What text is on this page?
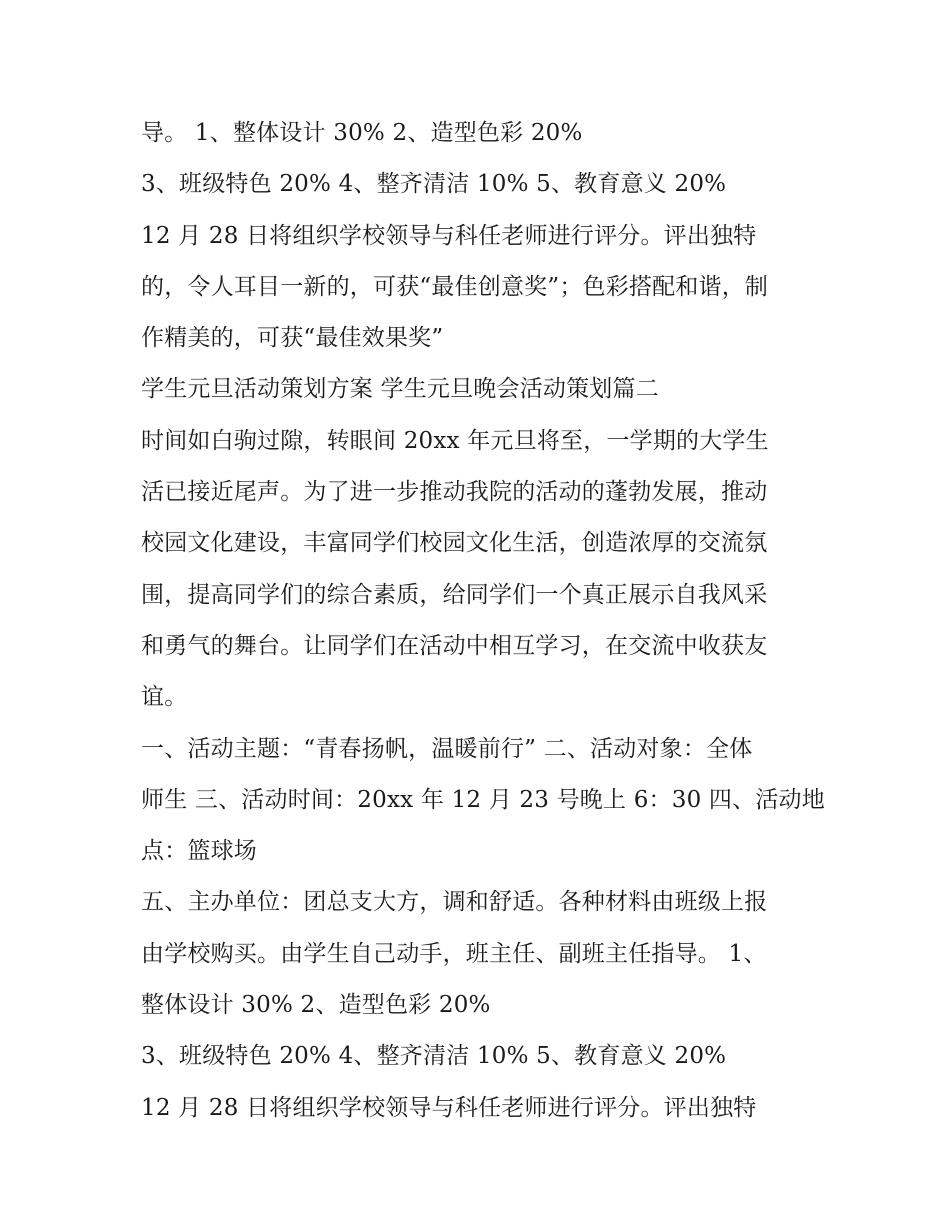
导。 1、整体设计 30% 2、造型色彩 20%
3、班级特色 20% 4、整齐清洁 10% 5、教育意义 20%
12 月 28 日将组织学校领导与科任老师进行评分。评出独特
的，令人耳目一新的，可获“最佳创意奖”；色彩搭配和谐，制
作精美的，可获“最佳效果奖”
学生元旦活动策划方案 学生元旦晚会活动策划篇二
时间如白驹过隙，转眼间 20xx 年元旦将至，一学期的大学生
活已接近尾声。为了进一步推动我院的活动的蓬勃发展，推动
校园文化建设，丰富同学们校园文化生活，创造浓厚的交流氛
围，提高同学们的综合素质，给同学们一个真正展示自我风采
和勇气的舞台。让同学们在活动中相互学习，在交流中收获友
谊。
一、活动主题：“青春扬帆，温暖前行” 二、活动对象：全体
师生 三、活动时间：20xx 年 12 月 23 号晚上 6：30 四、活动地
点：篮球场
五、主办单位：团总支大方，调和舒适。各种材料由班级上报
由学校购买。由学生自己动手，班主任、副班主任指导。 1、
整体设计 30% 2、造型色彩 20%
3、班级特色 20% 4、整齐清洁 10% 5、教育意义 20%
12 月 28 日将组织学校领导与科任老师进行评分。评出独特
